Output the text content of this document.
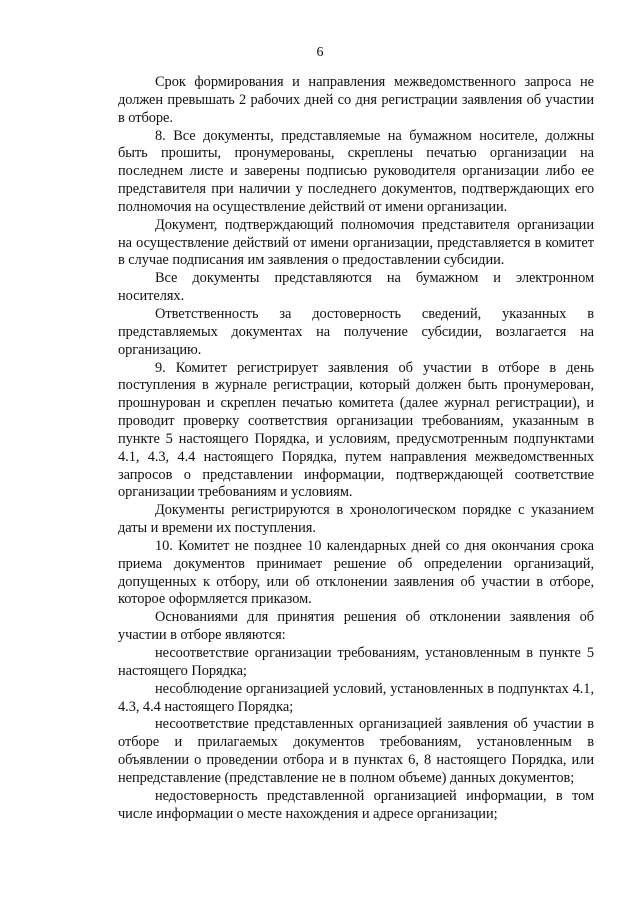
6

Срок формирования и направления межведомственного запроса не должен превышать 2 рабочих дней со дня регистрации заявления об участии в отборе.

8. Все документы, представляемые на бумажном носителе, должны быть прошиты, пронумерованы, скреплены печатью организации на последнем листе и заверены подписью руководителя организации либо ее представителя при наличии у последнего документов, подтверждающих его полномочия на осуществление действий от имени организации.

Документ, подтверждающий полномочия представителя организации на осуществление действий от имени организации, представляется в комитет в случае подписания им заявления о предоставлении субсидии.

Все документы представляются на бумажном и электронном носителях.

Ответственность за достоверность сведений, указанных в представляемых документах на получение субсидии, возлагается на организацию.

9. Комитет регистрирует заявления об участии в отборе в день поступления в журнале регистрации, который должен быть пронумерован, прошнурован и скреплен печатью комитета (далее журнал регистрации), и проводит проверку соответствия организации требованиям, указанным в пункте 5 настоящего Порядка, и условиям, предусмотренным подпунктами 4.1, 4.3, 4.4 настоящего Порядка, путем направления межведомственных запросов о представлении информации, подтверждающей соответствие организации требованиям и условиям.

Документы регистрируются в хронологическом порядке с указанием даты и времени их поступления.

10. Комитет не позднее 10 календарных дней со дня окончания срока приема документов принимает решение об определении организаций, допущенных к отбору, или об отклонении заявления об участии в отборе, которое оформляется приказом.

Основаниями для принятия решения об отклонении заявления об участии в отборе являются:

несоответствие организации требованиям, установленным в пункте 5 настоящего Порядка;

несоблюдение организацией условий, установленных в подпунктах 4.1, 4.3, 4.4 настоящего Порядка;

несоответствие представленных организацией заявления об участии в отборе и прилагаемых документов требованиям, установленным в объявлении о проведении отбора и в пунктах 6, 8 настоящего Порядка, или непредставление (представление не в полном объеме) данных документов;

недостоверность представленной организацией информации, в том числе информации о месте нахождения и адресе организации;
